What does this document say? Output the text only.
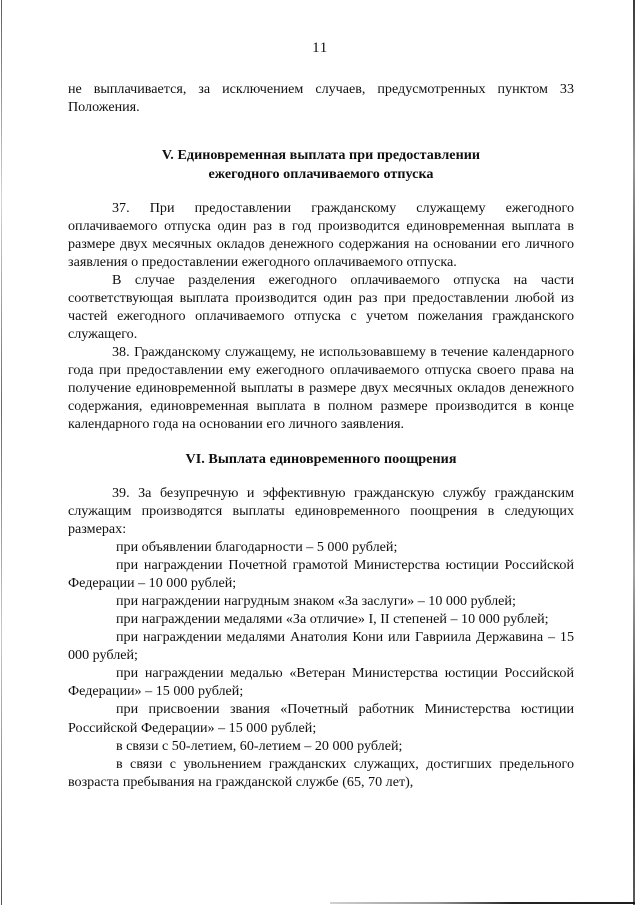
11

не выплачивается, за исключением случаев, предусмотренных пунктом 33 Положения.

V. Единовременная выплата при предоставлении
ежегодного оплачиваемого отпуска

37. При предоставлении гражданскому служащему ежегодного оплачиваемого отпуска один раз в год производится единовременная выплата в размере двух месячных окладов денежного содержания на основании его личного заявления о предоставлении ежегодного оплачиваемого отпуска.

В случае разделения ежегодного оплачиваемого отпуска на части соответствующая выплата производится один раз при предоставлении любой из частей ежегодного оплачиваемого отпуска с учетом пожелания гражданского служащего.

38. Гражданскому служащему, не использовавшему в течение календарного года при предоставлении ему ежегодного оплачиваемого отпуска своего права на получение единовременной выплаты в размере двух месячных окладов денежного содержания, единовременная выплата в полном размере производится в конце календарного года на основании его личного заявления.

VI. Выплата единовременного поощрения

39. За безупречную и эффективную гражданскую службу гражданским служащим производятся выплаты единовременного поощрения в следующих размерах:

при объявлении благодарности – 5 000 рублей;

при награждении Почетной грамотой Министерства юстиции Российской Федерации – 10 000 рублей;

при награждении нагрудным знаком «За заслуги» – 10 000 рублей;

при награждении медалями «За отличие» I, II степеней – 10 000 рублей;

при награждении медалями Анатолия Кони или Гавриила Державина – 15 000 рублей;

при награждении медалью «Ветеран Министерства юстиции Российской Федерации» – 15 000 рублей;

при присвоении звания «Почетный работник Министерства юстиции Российской Федерации» – 15 000 рублей;

в связи с 50-летием, 60-летием – 20 000 рублей;

в связи с увольнением гражданских служащих, достигших предельного возраста пребывания на гражданской службе (65, 70 лет),
